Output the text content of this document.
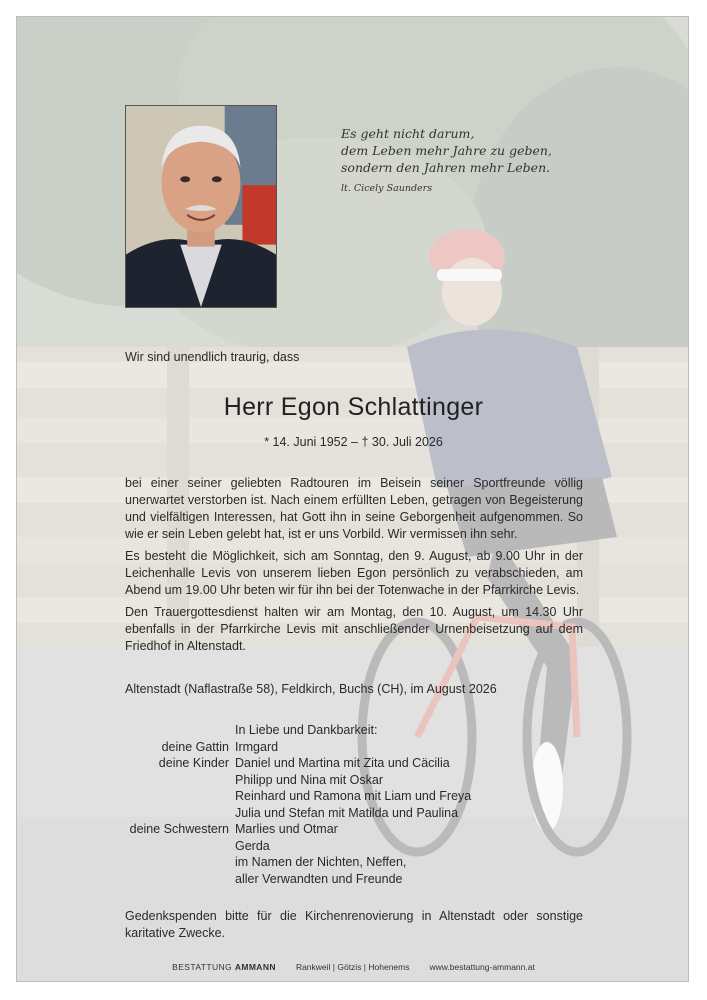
Es geht nicht darum,
dem Leben mehr Jahre zu geben,
sondern den Jahren mehr Leben.
lt. Cicely Saunders
Wir sind unendlich traurig, dass
Herr Egon Schlattinger
* 14. Juni 1952 – † 30. Juli 2026

bei einer seiner geliebten Radtouren im Beisein seiner Sportfreunde völlig unerwartet verstorben ist. Nach einem erfüllten Leben, getragen von Begeisterung und vielfältigen Interessen, hat Gott ihn in seine Geborgenheit aufgenommen. So wie er sein Leben gelebt hat, ist er uns Vorbild. Wir vermissen ihn sehr.

Es besteht die Möglichkeit, sich am Sonntag, den 9. August, ab 9.00 Uhr in der Leichenhalle Levis von unserem lieben Egon persönlich zu verabschieden, am Abend um 19.00 Uhr beten wir für ihn bei der Totenwache in der Pfarrkirche Levis.

Den Trauergottesdienst halten wir am Montag, den 10. August, um 14.30 Uhr ebenfalls in der Pfarrkirche Levis mit anschließender Urnenbeisetzung auf dem Friedhof in Altenstadt.

Altenstadt (Naflastraße 58), Feldkirch, Buchs (CH), im August 2026
In Liebe und Dankbarkeit:
deine Gattin Irmgard
deine Kinder Daniel und Martina mit Zita und Cäcilia
Philipp und Nina mit Oskar
Reinhard und Ramona mit Liam und Freya
Julia und Stefan mit Matilda und Paulina
deine Schwestern Marlies und Otmar
Gerda
im Namen der Nichten, Neffen,
aller Verwandten und Freunde

Gedenkspenden bitte für die Kirchenrenovierung in Altenstadt oder sonstige karitative Zwecke.

BESTATTUNG AMMANN Rankweil | Götzis | Hohenems www.bestattung-ammann.at
